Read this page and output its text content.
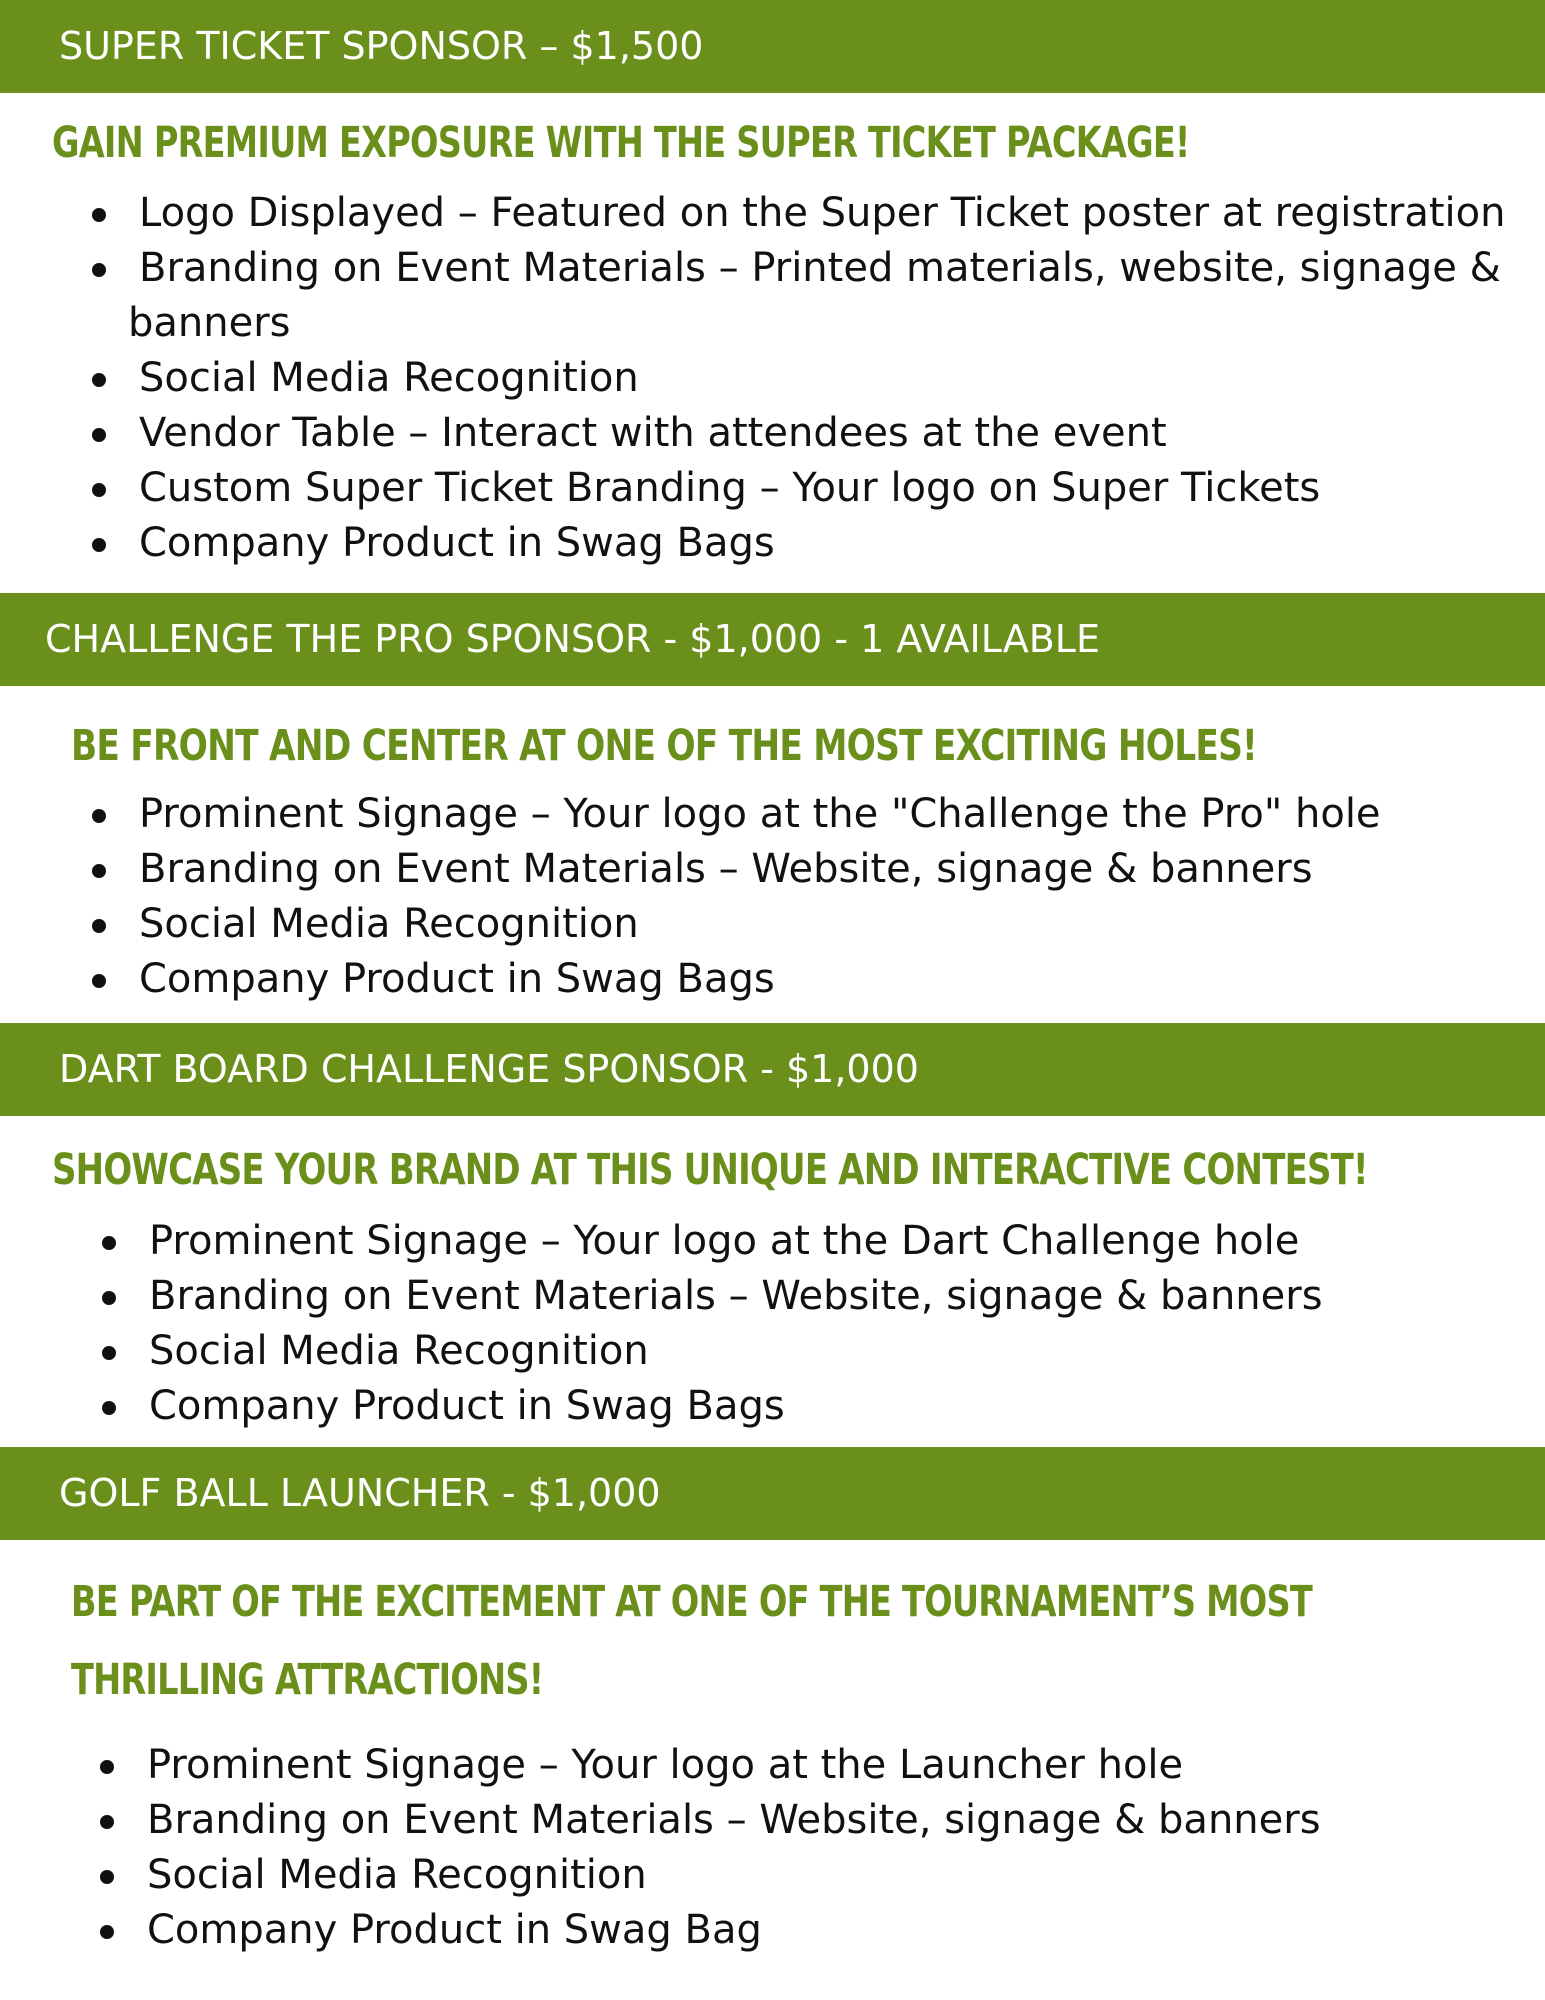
SUPER TICKET SPONSOR – $1,500
GAIN PREMIUM EXPOSURE WITH THE SUPER TICKET PACKAGE!
Logo Displayed – Featured on the Super Ticket poster at registration
Branding on Event Materials – Printed materials, website, signage &
banners
Social Media Recognition
Vendor Table – Interact with attendees at the event
Custom Super Ticket Branding – Your logo on Super Tickets
Company Product in Swag Bags
CHALLENGE THE PRO SPONSOR - $1,000 - 1 AVAILABLE
BE FRONT AND CENTER AT ONE OF THE MOST EXCITING HOLES!
Prominent Signage – Your logo at the "Challenge the Pro" hole
Branding on Event Materials – Website, signage & banners
Social Media Recognition
Company Product in Swag Bags
DART BOARD CHALLENGE SPONSOR - $1,000
SHOWCASE YOUR BRAND AT THIS UNIQUE AND INTERACTIVE CONTEST!
Prominent Signage – Your logo at the Dart Challenge hole
Branding on Event Materials – Website, signage & banners
Social Media Recognition
Company Product in Swag Bags
GOLF BALL LAUNCHER - $1,000
BE PART OF THE EXCITEMENT AT ONE OF THE TOURNAMENT’S MOST
THRILLING ATTRACTIONS!
Prominent Signage – Your logo at the Launcher hole
Branding on Event Materials – Website, signage & banners
Social Media Recognition
Company Product in Swag Bag
